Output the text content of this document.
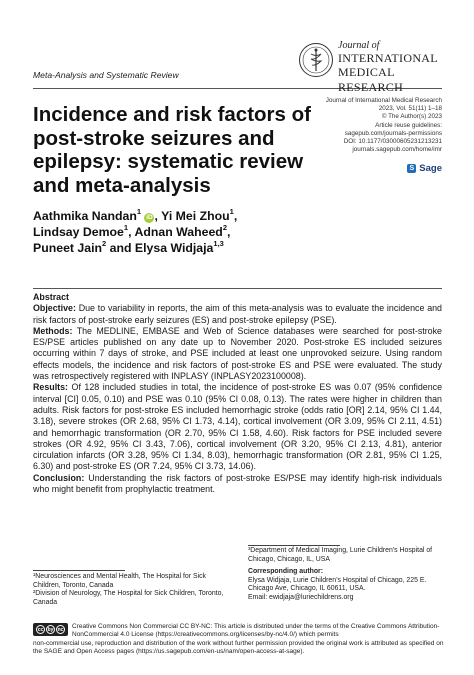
Meta-Analysis and Systematic Review
Journal of
INTERNATIONAL
MEDICAL RESEARCH
Incidence and risk factors of post-stroke seizures and epilepsy: systematic review and meta-analysis
Journal of International Medical Research
2023, Vol. 51(11) 1–18
© The Author(s) 2023
Article reuse guidelines:
sagepub.com/journals-permissions
DOI: 10.1177/03000605231213231
journals.sagepub.com/home/imr
S Sage
Aathmika Nandan$^1$ iD , Yi Mei Zhou$^1$,
Lindsay Demoe$^1$, Adnan Waheed$^2$,
Puneet Jain$^2$ and Elysa Widjaja$^{1,3}$

Abstract

Objective: Due to variability in reports, the aim of this meta-analysis was to evaluate the incidence and risk factors of post-stroke early seizures (ES) and post-stroke epilepsy (PSE).

Methods: The MEDLINE, EMBASE and Web of Science databases were searched for post-stroke ES/PSE articles published on any date up to November 2020. Post-stroke ES included seizures occurring within 7 days of stroke, and PSE included at least one unprovoked seizure. Using random effects models, the incidence and risk factors of post-stroke ES and PSE were evaluated. The study was retrospectively registered with INPLASY (INPLASY2023100008).

Results: Of 128 included studies in total, the incidence of post-stroke ES was 0.07 (95% confidence interval [CI] 0.05, 0.10) and PSE was 0.10 (95% CI 0.08, 0.13). The rates were higher in children than adults. Risk factors for post-stroke ES included hemorrhagic stroke (odds ratio [OR] 2.14, 95% CI 1.44, 3.18), severe strokes (OR 2.68, 95% CI 1.73, 4.14), cortical involvement (OR 3.09, 95% CI 2.11, 4.51) and hemorrhagic transformation (OR 2.70, 95% CI 1.58, 4.60). Risk factors for PSE included severe strokes (OR 4.92, 95% CI 3.43, 7.06), cortical involvement (OR 3.20, 95% CI 2.13, 4.81), anterior circulation infarcts (OR 3.28, 95% CI 1.34, 8.03), hemorrhagic transformation (OR 2.81, 95% CI 1.25, 6.30) and post-stroke ES (OR 7.24, 95% CI 3.73, 14.06).

Conclusion: Understanding the risk factors of post-stroke ES/PSE may identify high-risk individuals who might benefit from prophylactic treatment.

¹Neurosciences and Mental Health, The Hospital for Sick Children, Toronto, Canada
²Division of Neurology, The Hospital for Sick Children, Toronto, Canada
³Department of Medical Imaging, Lurie Children’s Hospital of Chicago, Chicago, IL, USA
Corresponding author:
Elysa Widjaja, Lurie Children’s Hospital of Chicago, 225 E.
Chicago Ave, Chicago, IL 60611, USA.
Email: ewidjaja@luriechildrens.org
cc by nc Creative Commons Non Commercial CC BY-NC: This article is distributed under the terms of the Creative Commons Attribution-NonCommercial 4.0 License (https://creativecommons.org/licenses/by-nc/4.0/) which permits
non-commercial use, reproduction and distribution of the work without further permission provided the original work is attributed as specified on the SAGE and Open Access pages (https://us.sagepub.com/en-us/nam/open-access-at-sage).
